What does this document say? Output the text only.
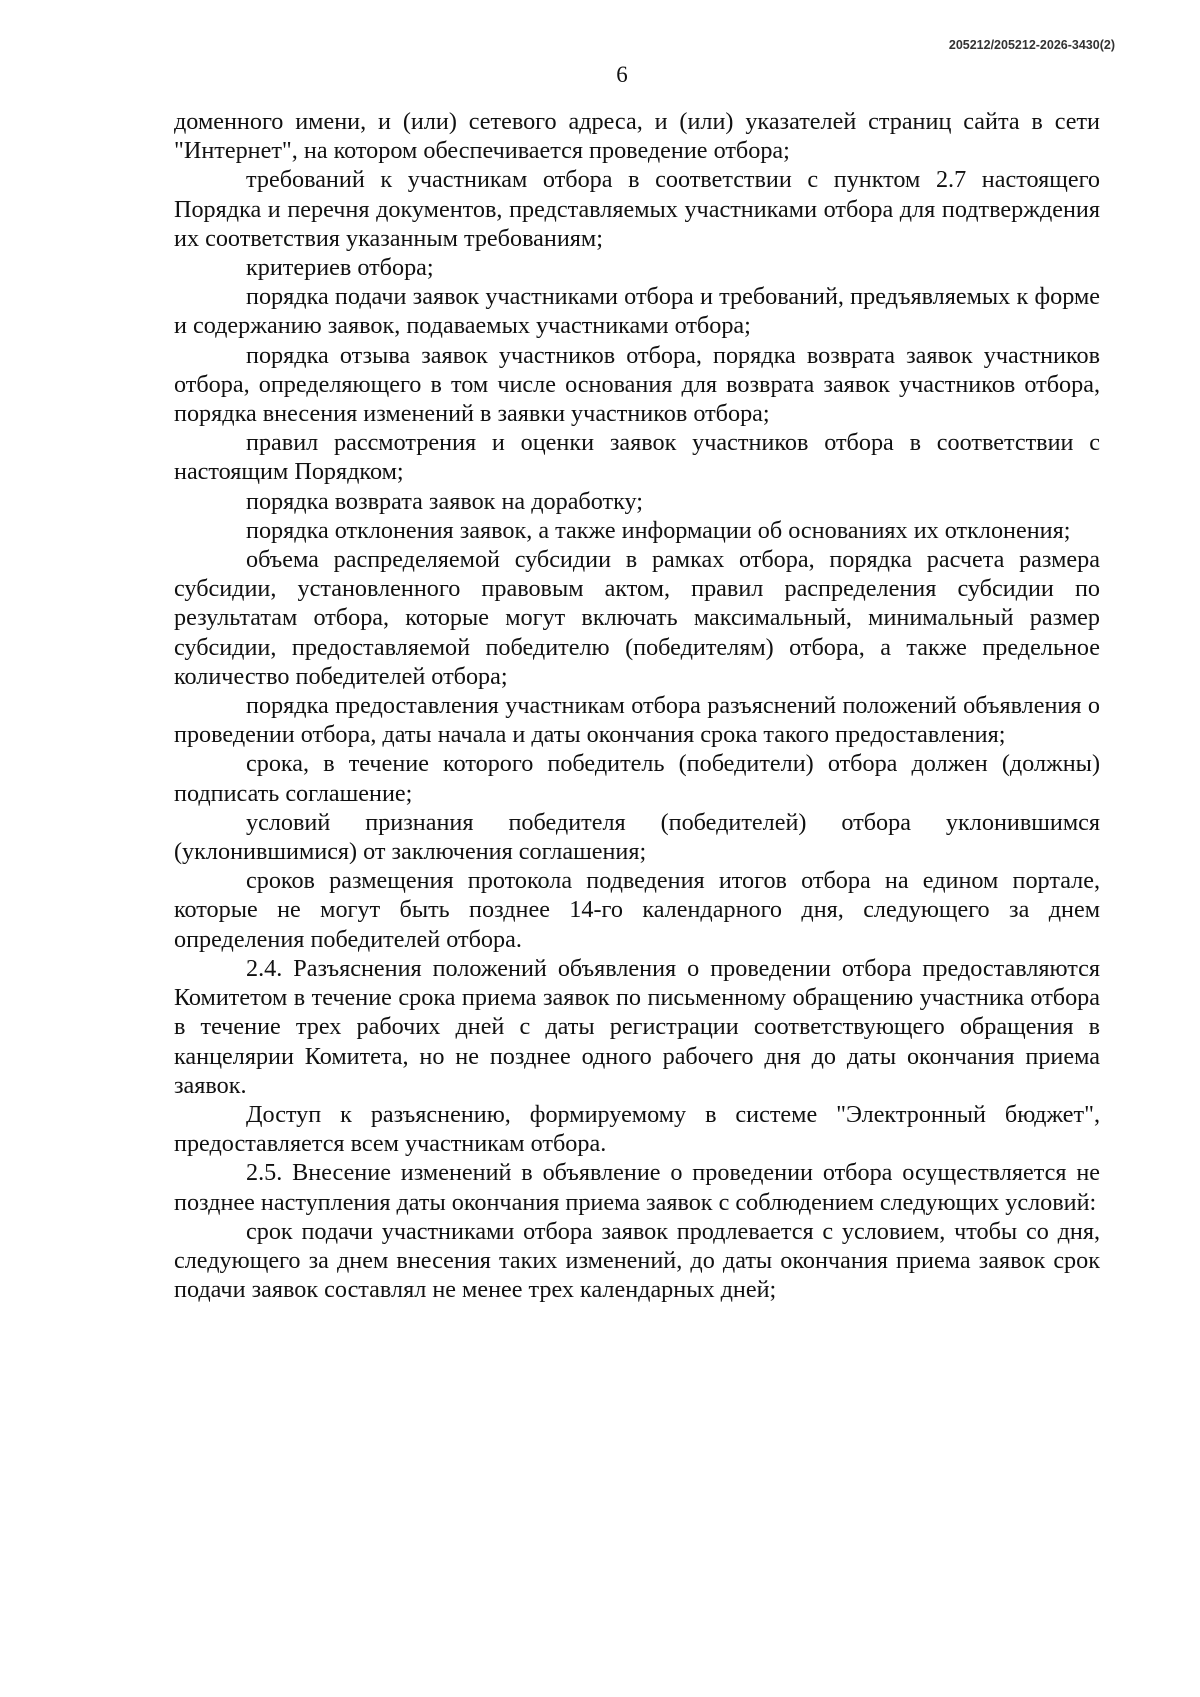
205212/205212-2026-3430(2)
6

доменного имени, и (или) сетевого адреса, и (или) указателей страниц сайта в сети "Интернет", на котором обеспечивается проведение отбора;

требований к участникам отбора в соответствии с пунктом 2.7 настоящего Порядка и перечня документов, представляемых участниками отбора для подтверждения их соответствия указанным требованиям;

критериев отбора;

порядка подачи заявок участниками отбора и требований, предъявляемых к форме и содержанию заявок, подаваемых участниками отбора;

порядка отзыва заявок участников отбора, порядка возврата заявок участников отбора, определяющего в том числе основания для возврата заявок участников отбора, порядка внесения изменений в заявки участников отбора;

правил рассмотрения и оценки заявок участников отбора в соответствии с настоящим Порядком;

порядка возврата заявок на доработку;

порядка отклонения заявок, а также информации об основаниях их отклонения;

объема распределяемой субсидии в рамках отбора, порядка расчета размера субсидии, установленного правовым актом, правил распределения субсидии по результатам отбора, которые могут включать максимальный, минимальный размер субсидии, предоставляемой победителю (победителям) отбора, а также предельное количество победителей отбора;

порядка предоставления участникам отбора разъяснений положений объявления о проведении отбора, даты начала и даты окончания срока такого предоставления;

срока, в течение которого победитель (победители) отбора должен (должны) подписать соглашение;

условий признания победителя (победителей) отбора уклонившимся (уклонившимися) от заключения соглашения;

сроков размещения протокола подведения итогов отбора на едином портале, которые не могут быть позднее 14-го календарного дня, следующего за днем определения победителей отбора.

2.4. Разъяснения положений объявления о проведении отбора предоставляются Комитетом в течение срока приема заявок по письменному обращению участника отбора в течение трех рабочих дней с даты регистрации соответствующего обращения в канцелярии Комитета, но не позднее одного рабочего дня до даты окончания приема заявок.

Доступ к разъяснению, формируемому в системе "Электронный бюджет", предоставляется всем участникам отбора.

2.5. Внесение изменений в объявление о проведении отбора осуществляется не позднее наступления даты окончания приема заявок с соблюдением следующих условий:

срок подачи участниками отбора заявок продлевается с условием, чтобы со дня, следующего за днем внесения таких изменений, до даты окончания приема заявок срок подачи заявок составлял не менее трех календарных дней;
